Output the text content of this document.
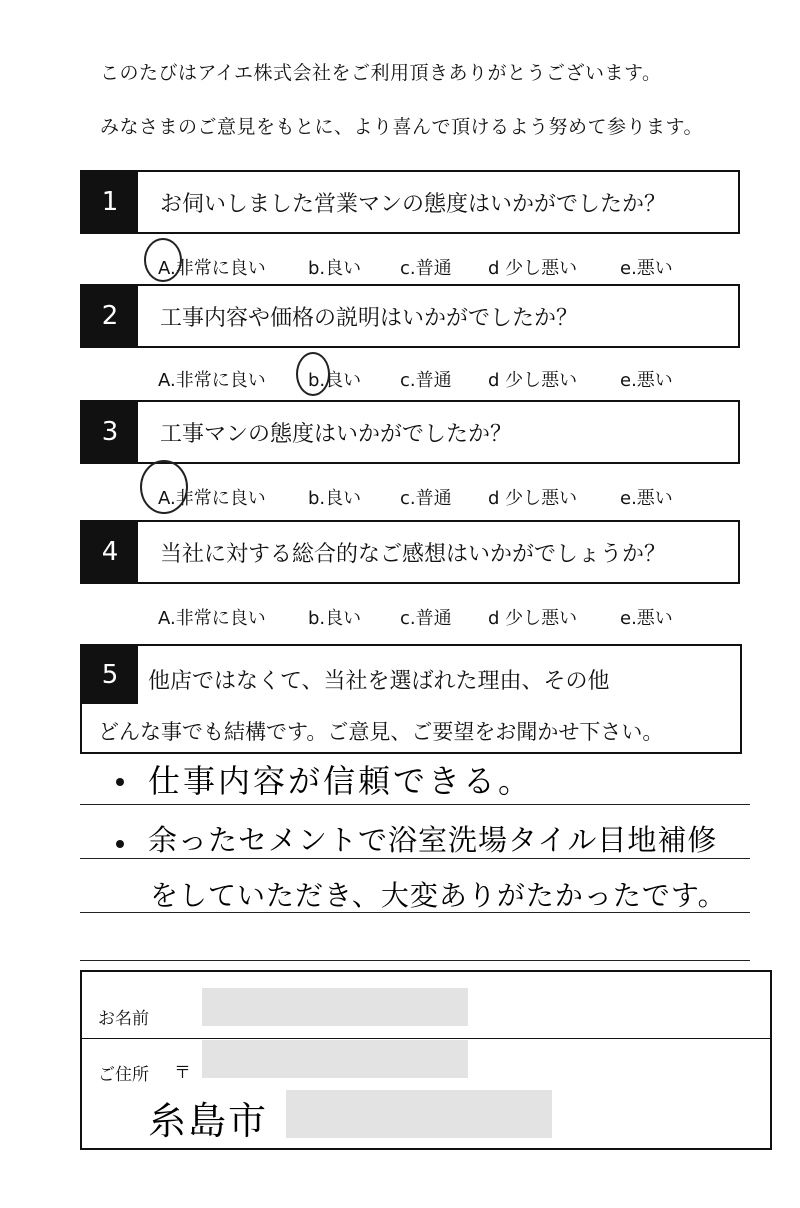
このたびはアイエ株式会社をご利用頂きありがとうございます。
みなさまのご意見をもとに、より喜んで頂けるよう努めて参ります。
1	お伺いしました営業マンの態度はいかがでしたか？
A.非常に良い b.良い c.普通 d 少し悪い e.悪い
2	工事内容や価格の説明はいかがでしたか？
A.非常に良い b.良い c.普通 d 少し悪い e.悪い
3	工事マンの態度はいかがでしたか？
A.非常に良い b.良い c.普通 d 少し悪い e.悪い
4	当社に対する総合的なご感想はいかがでしょうか？
A.非常に良い b.良い c.普通 d 少し悪い e.悪い
5	他店ではなくて、当社を選ばれた理由、その他
どんな事でも結構です。ご意見、ご要望をお聞かせ下さい。
仕事内容が信頼できる。
余ったセメントで浴室洗場タイル目地補修
をしていただき、大変ありがたかったです。
お名前
ご住所 〒
糸島市
